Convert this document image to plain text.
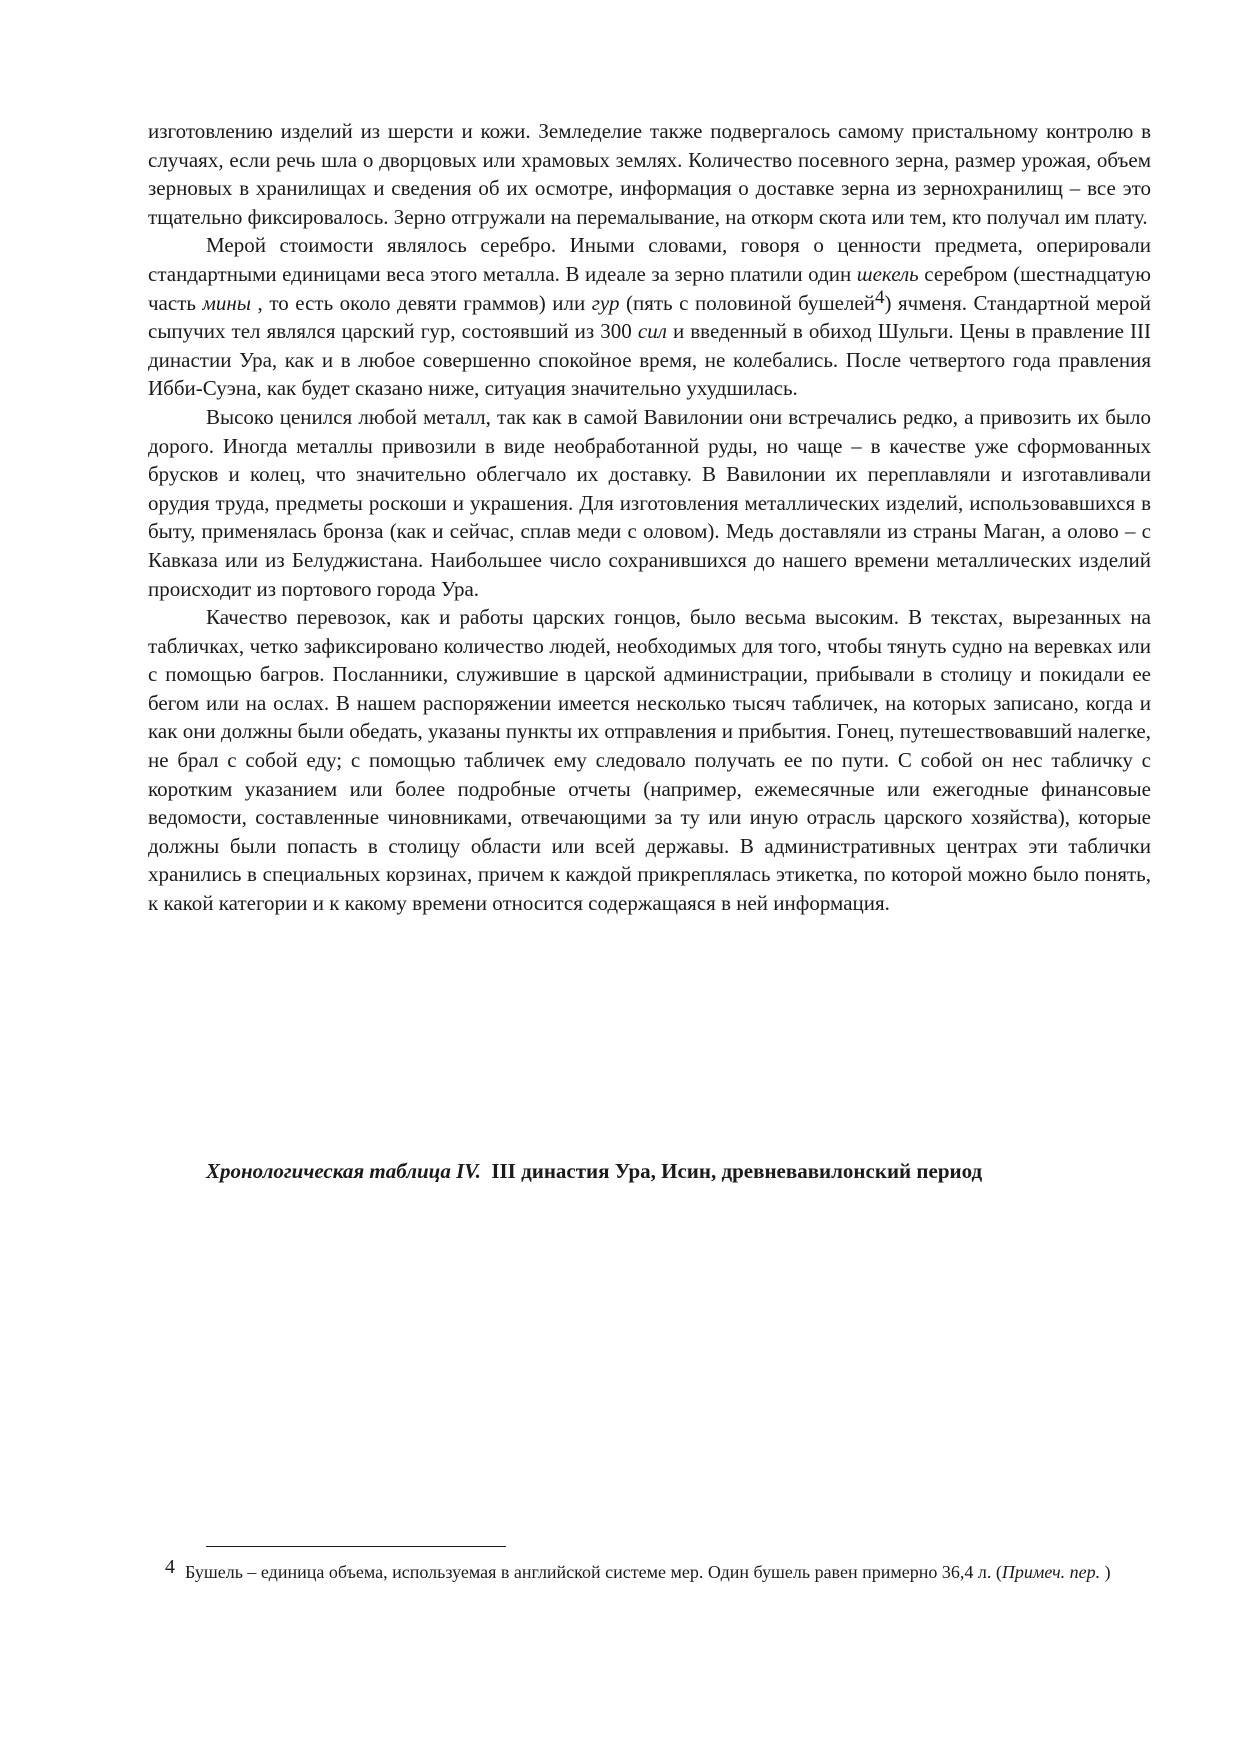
изготовлению изделий из шерсти и кожи. Земледелие также подвергалось самому пристальному контролю в случаях, если речь шла о дворцовых или храмовых землях. Количество посевного зерна, размер урожая, объем зерновых в хранилищах и сведения об их осмотре, информация о доставке зерна из зернохранилищ – все это тщательно фиксировалось. Зерно отгружали на перемалывание, на откорм скота или тем, кто получал им плату.

Мерой стоимости являлось серебро. Иными словами, говоря о ценности предмета, оперировали стандартными единицами веса этого металла. В идеале за зерно платили один шекель серебром (шестнадцатую часть мины , то есть около девяти граммов) или гур (пять с половиной бушелей4) ячменя. Стандартной мерой сыпучих тел являлся царский гур, состоявший из 300 сил и введенный в обиход Шульги. Цены в правление III династии Ура, как и в любое совершенно спокойное время, не колебались. После четвертого года правления Ибби-Суэна, как будет сказано ниже, ситуация значительно ухудшилась.

Высоко ценился любой металл, так как в самой Вавилонии они встречались редко, а привозить их было дорого. Иногда металлы привозили в виде необработанной руды, но чаще – в качестве уже сформованных брусков и колец, что значительно облегчало их доставку. В Вавилонии их переплавляли и изготавливали орудия труда, предметы роскоши и украшения. Для изготовления металлических изделий, использовавшихся в быту, применялась бронза (как и сейчас, сплав меди с оловом). Медь доставляли из страны Маган, а олово – с Кавказа или из Белуджистана. Наибольшее число сохранившихся до нашего времени металлических изделий происходит из портового города Ура.

Качество перевозок, как и работы царских гонцов, было весьма высоким. В текстах, вырезанных на табличках, четко зафиксировано количество людей, необходимых для того, чтобы тянуть судно на веревках или с помощью багров. Посланники, служившие в царской администрации, прибывали в столицу и покидали ее бегом или на ослах. В нашем распоряжении имеется несколько тысяч табличек, на которых записано, когда и как они должны были обедать, указаны пункты их отправления и прибытия. Гонец, путешествовавший налегке, не брал с собой еду; с помощью табличек ему следовало получать ее по пути. С собой он нес табличку с коротким указанием или более подробные отчеты (например, ежемесячные или ежегодные финансовые ведомости, составленные чиновниками, отвечающими за ту или иную отрасль царского хозяйства), которые должны были попасть в столицу области или всей державы. В административных центрах эти таблички хранились в специальных корзинах, причем к каждой прикреплялась этикетка, по которой можно было понять, к какой категории и к какому времени относится содержащаяся в ней информация.

Хронологическая таблица IV. III династия Ура, Исин, древневавилонский период

4 Бушель – единица объема, используемая в английской системе мер. Один бушель равен примерно 36,4 л. (Примеч. пер. )
